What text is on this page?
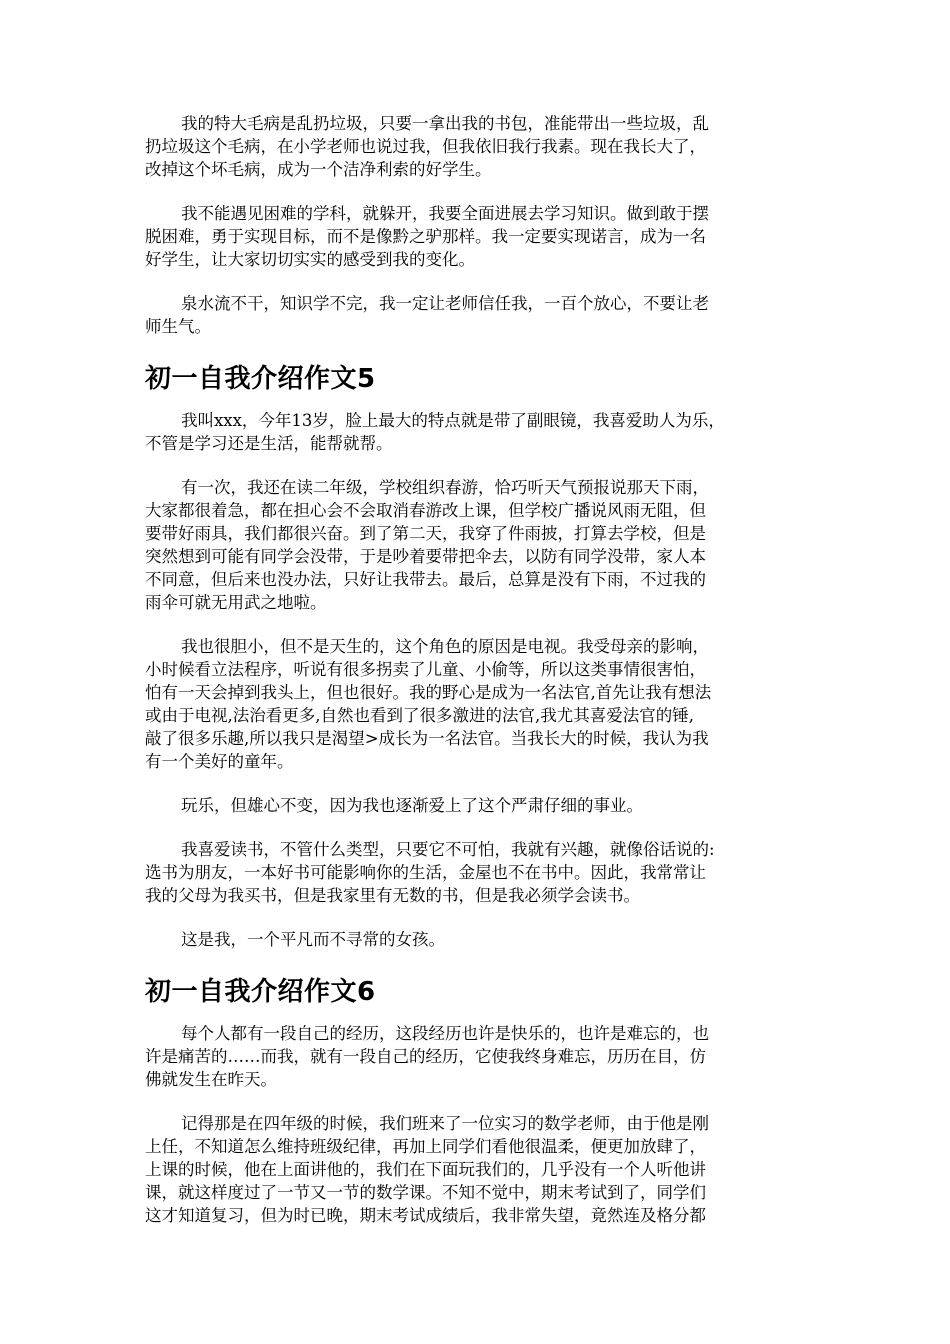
我的特大毛病是乱扔垃圾，只要一拿出我的书包，准能带出一些垃圾，乱
扔垃圾这个毛病，在小学老师也说过我，但我依旧我行我素。现在我长大了，
改掉这个坏毛病，成为一个洁净利索的好学生。

我不能遇见困难的学科，就躲开，我要全面进展去学习知识。做到敢于摆
脱困难，勇于实现目标，而不是像黔之驴那样。我一定要实现诺言，成为一名
好学生，让大家切切实实的感受到我的变化。

泉水流不干，知识学不完，我一定让老师信任我，一百个放心，不要让老
师生气。

初一自我介绍作文5

我叫xxx，今年13岁，脸上最大的特点就是带了副眼镜，我喜爱助人为乐，
不管是学习还是生活，能帮就帮。

有一次，我还在读二年级，学校组织春游，恰巧听天气预报说那天下雨，
大家都很着急，都在担心会不会取消春游改上课，但学校广播说风雨无阻，但
要带好雨具，我们都很兴奋。到了第二天，我穿了件雨披，打算去学校，但是
突然想到可能有同学会没带，于是吵着要带把伞去，以防有同学没带，家人本
不同意，但后来也没办法，只好让我带去。最后，总算是没有下雨，不过我的
雨伞可就无用武之地啦。

我也很胆小，但不是天生的，这个角色的原因是电视。我受母亲的影响，
小时候看立法程序，听说有很多拐卖了儿童、小偷等，所以这类事情很害怕，
怕有一天会掉到我头上，但也很好。我的野心是成为一名法官,首先让我有想法
或由于电视,法治看更多,自然也看到了很多激进的法官,我尤其喜爱法官的锤,
敲了很多乐趣,所以我只是渴望>成长为一名法官。当我长大的时候，我认为我
有一个美好的童年。

玩乐，但雄心不变，因为我也逐渐爱上了这个严肃仔细的事业。

我喜爱读书，不管什么类型，只要它不可怕，我就有兴趣，就像俗话说的:
选书为朋友，一本好书可能影响你的生活，金屋也不在书中。因此，我常常让
我的父母为我买书，但是我家里有无数的书，但是我必须学会读书。

这是我，一个平凡而不寻常的女孩。

初一自我介绍作文6

每个人都有一段自己的经历，这段经历也许是快乐的，也许是难忘的，也
许是痛苦的……而我，就有一段自己的经历，它使我终身难忘，历历在目，仿
佛就发生在昨天。

记得那是在四年级的时候，我们班来了一位实习的数学老师，由于他是刚
上任，不知道怎么维持班级纪律，再加上同学们看他很温柔，便更加放肆了，
上课的时候，他在上面讲他的，我们在下面玩我们的，几乎没有一个人听他讲
课，就这样度过了一节又一节的数学课。不知不觉中，期末考试到了，同学们
这才知道复习，但为时已晚，期末考试成绩后，我非常失望，竟然连及格分都
